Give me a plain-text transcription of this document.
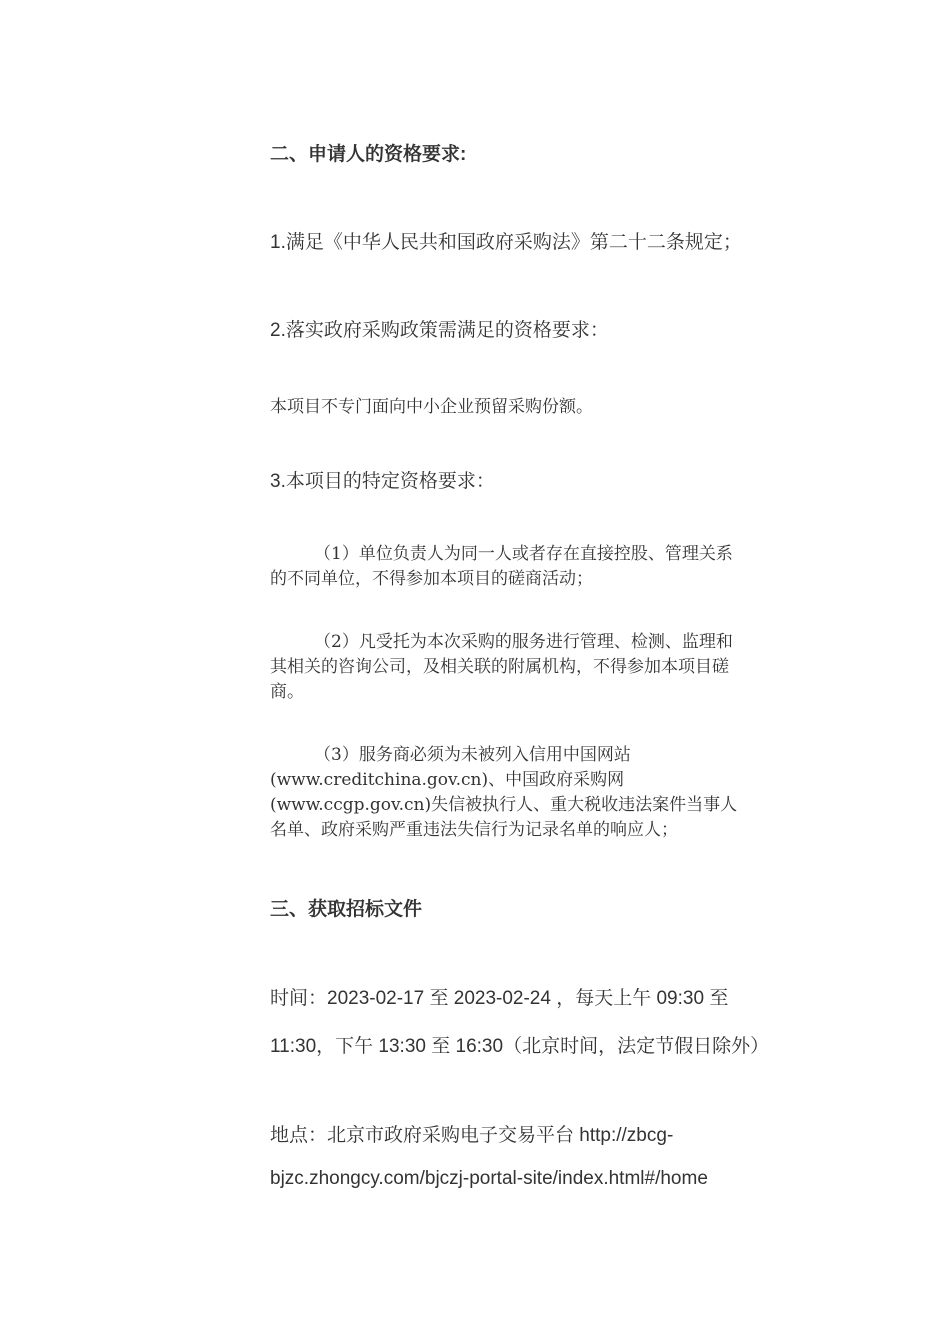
二、申请人的资格要求:
1.满足《中华人民共和国政府采购法》第二十二条规定；
2.落实政府采购政策需满足的资格要求：
本项目不专门面向中小企业预留采购份额。
3.本项目的特定资格要求：
（1）单位负责人为同一人或者存在直接控股、管理关系
的不同单位，不得参加本项目的磋商活动；
（2）凡受托为本次采购的服务进行管理、检测、监理和
其相关的咨询公司，及相关联的附属机构，不得参加本项目磋
商。
（3）服务商必须为未被列入信用中国网站
(www.creditchina.gov.cn)、中国政府采购网
(www.ccgp.gov.cn)失信被执行人、重大税收违法案件当事人
名单、政府采购严重违法失信行为记录名单的响应人；
三、获取招标文件
时间：2023-02-17 至 2023-02-24 ，每天上午 09:30 至
11:30，下午 13:30 至 16:30（北京时间，法定节假日除外）
地点：北京市政府采购电子交易平台 http://zbcg-
bjzc.zhongcy.com/bjczj-portal-site/index.html#/home
